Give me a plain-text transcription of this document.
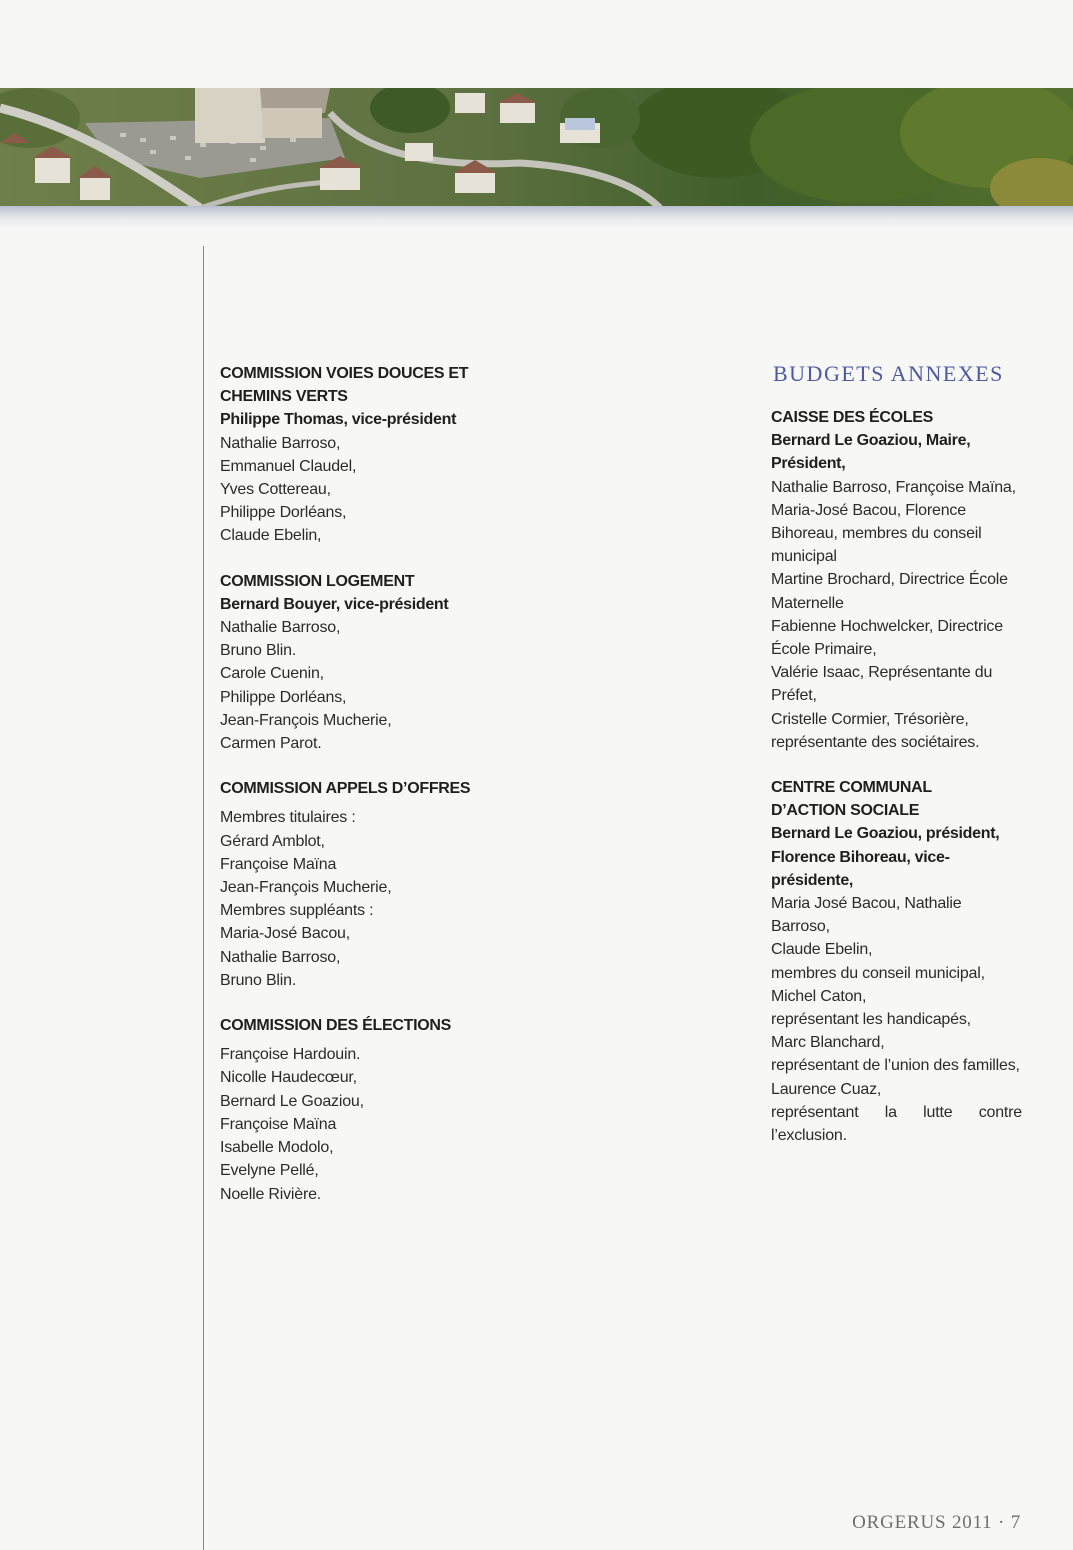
COMMISSION VOIES DOUCES ET

CHEMINS VERTS

Philippe Thomas, vice-président

Nathalie Barroso,

Emmanuel Claudel,

Yves Cottereau,

Philippe Dorléans,

Claude Ebelin,

COMMISSION LOGEMENT

Bernard Bouyer, vice-président

Nathalie Barroso,

Bruno Blin.

Carole Cuenin,

Philippe Dorléans,

Jean-François Mucherie,

Carmen Parot.

COMMISSION APPELS D’OFFRES

Membres titulaires :

Gérard Amblot,

Françoise Maïna

Jean-François Mucherie,

Membres suppléants :

Maria-José Bacou,

Nathalie Barroso,

Bruno Blin.

COMMISSION DES ÉLECTIONS

Françoise Hardouin.

Nicolle Haudecœur,

Bernard Le Goaziou,

Françoise Maïna

Isabelle Modolo,

Evelyne Pellé,

Noelle Rivière.

BUDGETS ANNEXES

CAISSE DES ÉCOLES

Bernard Le Goaziou, Maire,

Président,

Nathalie Barroso, Françoise Maïna,

Maria-José Bacou, Florence

Bihoreau, membres du conseil

municipal

Martine Brochard, Directrice École

Maternelle

Fabienne Hochwelcker, Directrice

École Primaire,

Valérie Isaac, Représentante du

Préfet,

Cristelle Cormier, Trésorière,

représentante des sociétaires.

CENTRE COMMUNAL

D’ACTION SOCIALE

Bernard Le Goaziou, président,

Florence Bihoreau, vice-présidente,

Maria José Bacou, Nathalie Barroso,

Claude Ebelin,

membres du conseil municipal,

Michel Caton,

représentant les handicapés,

Marc Blanchard,

représentant de l’union des familles,

Laurence Cuaz,

représentant la lutte contre

l’exclusion.

ORGERUS 2011 · 7
